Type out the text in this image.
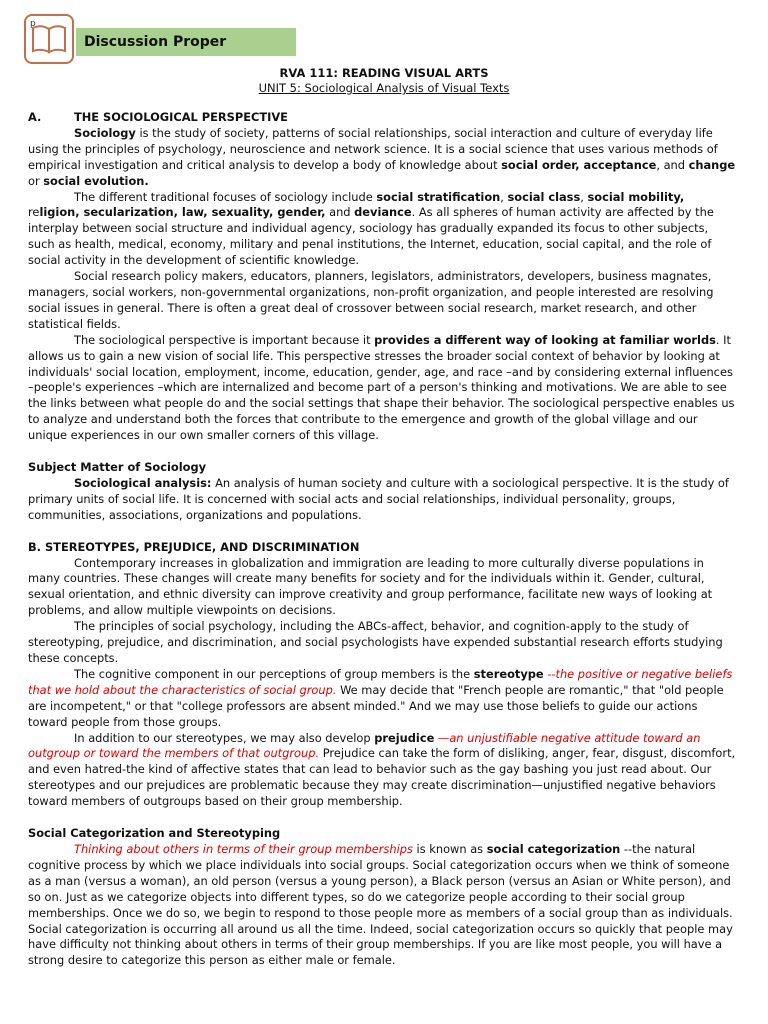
p
Discussion Proper
RVA 111: READING VISUAL ARTS
UNIT 5: Sociological Analysis of Visual Texts
A.	THE SOCIOLOGICAL PERSPECTIVE

Sociology is the study of society, patterns of social relationships, social interaction and culture of everyday life using the principles of psychology, neuroscience and network science. It is a social science that uses various methods of empirical investigation and critical analysis to develop a body of knowledge about social order, acceptance, and change or social evolution.

The different traditional focuses of sociology include social stratification, social class, social mobility, religion, secularization, law, sexuality, gender, and deviance. As all spheres of human activity are affected by the interplay between social structure and individual agency, sociology has gradually expanded its focus to other subjects, such as health, medical, economy, military and penal institutions, the Internet, education, social capital, and the role of social activity in the development of scientific knowledge.

Social research policy makers, educators, planners, legislators, administrators, developers, business magnates, managers, social workers, non-governmental organizations, non-profit organization, and people interested are resolving social issues in general. There is often a great deal of crossover between social research, market research, and other statistical fields.

The sociological perspective is important because it provides a different way of looking at familiar worlds. It allows us to gain a new vision of social life. This perspective stresses the broader social context of behavior by looking at individuals' social location, employment, income, education, gender, age, and race –and by considering external influences –people's experiences –which are internalized and become part of a person's thinking and motivations. We are able to see the links between what people do and the social settings that shape their behavior. The sociological perspective enables us to analyze and understand both the forces that contribute to the emergence and growth of the global village and our unique experiences in our own smaller corners of this village.

Subject Matter of Sociology

Sociological analysis: An analysis of human society and culture with a sociological perspective. It is the study of primary units of social life. It is concerned with social acts and social relationships, individual personality, groups, communities, associations, organizations and populations.

B. STEREOTYPES, PREJUDICE, AND DISCRIMINATION

Contemporary increases in globalization and immigration are leading to more culturally diverse populations in many countries. These changes will create many benefits for society and for the individuals within it. Gender, cultural, sexual orientation, and ethnic diversity can improve creativity and group performance, facilitate new ways of looking at problems, and allow multiple viewpoints on decisions.

The principles of social psychology, including the ABCs-affect, behavior, and cognition-apply to the study of stereotyping, prejudice, and discrimination, and social psychologists have expended substantial research efforts studying these concepts.

The cognitive component in our perceptions of group members is the stereotype --the positive or negative beliefs that we hold about the characteristics of social group. We may decide that "French people are romantic," that "old people are incompetent," or that "college professors are absent minded." And we may use those beliefs to guide our actions toward people from those groups.

In addition to our stereotypes, we may also develop prejudice —an unjustifiable negative attitude toward an outgroup or toward the members of that outgroup. Prejudice can take the form of disliking, anger, fear, disgust, discomfort, and even hatred-the kind of affective states that can lead to behavior such as the gay bashing you just read about. Our stereotypes and our prejudices are problematic because they may create discrimination—unjustified negative behaviors toward members of outgroups based on their group membership.

Social Categorization and Stereotyping

Thinking about others in terms of their group memberships is known as social categorization --the natural cognitive process by which we place individuals into social groups. Social categorization occurs when we think of someone as a man (versus a woman), an old person (versus a young person), a Black person (versus an Asian or White person), and so on. Just as we categorize objects into different types, so do we categorize people according to their social group memberships. Once we do so, we begin to respond to those people more as members of a social group than as individuals. Social categorization is occurring all around us all the time. Indeed, social categorization occurs so quickly that people may have difficulty not thinking about others in terms of their group memberships. If you are like most people, you will have a strong desire to categorize this person as either male or female.
